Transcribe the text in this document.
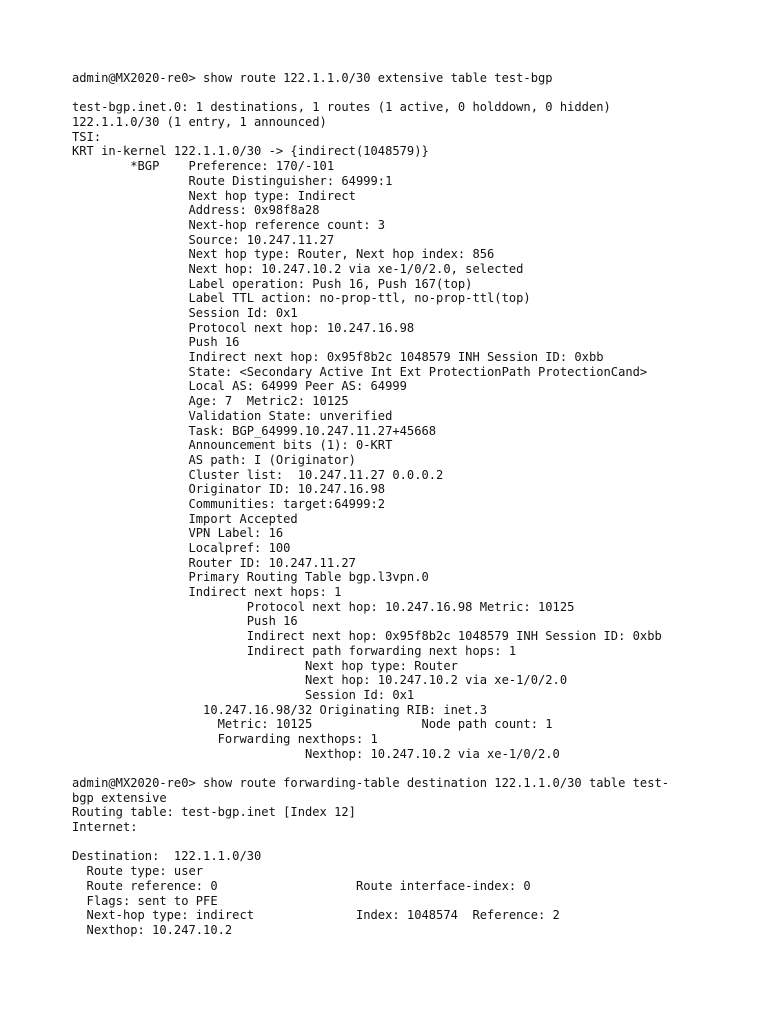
admin@MX2020-re0> show route 122.1.1.0/30 extensive table test-bgp
test-bgp.inet.0: 1 destinations, 1 routes (1 active, 0 holddown, 0 hidden)
122.1.1.0/30 (1 entry, 1 announced)
TSI:
KRT in-kernel 122.1.1.0/30 -> {indirect(1048579)}
*BGP    Preference: 170/-101
Route Distinguisher: 64999:1
Next hop type: Indirect
Address: 0x98f8a28
Next-hop reference count: 3
Source: 10.247.11.27
Next hop type: Router, Next hop index: 856
Next hop: 10.247.10.2 via xe-1/0/2.0, selected
Label operation: Push 16, Push 167(top)
Label TTL action: no-prop-ttl, no-prop-ttl(top)
Session Id: 0x1
Protocol next hop: 10.247.16.98
Push 16
Indirect next hop: 0x95f8b2c 1048579 INH Session ID: 0xbb
State: <Secondary Active Int Ext ProtectionPath ProtectionCand>
Local AS: 64999 Peer AS: 64999
Age: 7  Metric2: 10125
Validation State: unverified
Task: BGP_64999.10.247.11.27+45668
Announcement bits (1): 0-KRT
AS path: I (Originator)
Cluster list:  10.247.11.27 0.0.0.2
Originator ID: 10.247.16.98
Communities: target:64999:2
Import Accepted
VPN Label: 16
Localpref: 100
Router ID: 10.247.11.27
Primary Routing Table bgp.l3vpn.0
Indirect next hops: 1
Protocol next hop: 10.247.16.98 Metric: 10125
Push 16
Indirect next hop: 0x95f8b2c 1048579 INH Session ID: 0xbb
Indirect path forwarding next hops: 1
Next hop type: Router
Next hop: 10.247.10.2 via xe-1/0/2.0
Session Id: 0x1
10.247.16.98/32 Originating RIB: inet.3
Metric: 10125               Node path count: 1
Forwarding nexthops: 1
Nexthop: 10.247.10.2 via xe-1/0/2.0
admin@MX2020-re0> show route forwarding-table destination 122.1.1.0/30 table test-
bgp extensive
Routing table: test-bgp.inet [Index 12]
Internet:
Destination:  122.1.1.0/30
Route type: user
Route reference: 0                   Route interface-index: 0
Flags: sent to PFE
Next-hop type: indirect              Index: 1048574  Reference: 2
Nexthop: 10.247.10.2
